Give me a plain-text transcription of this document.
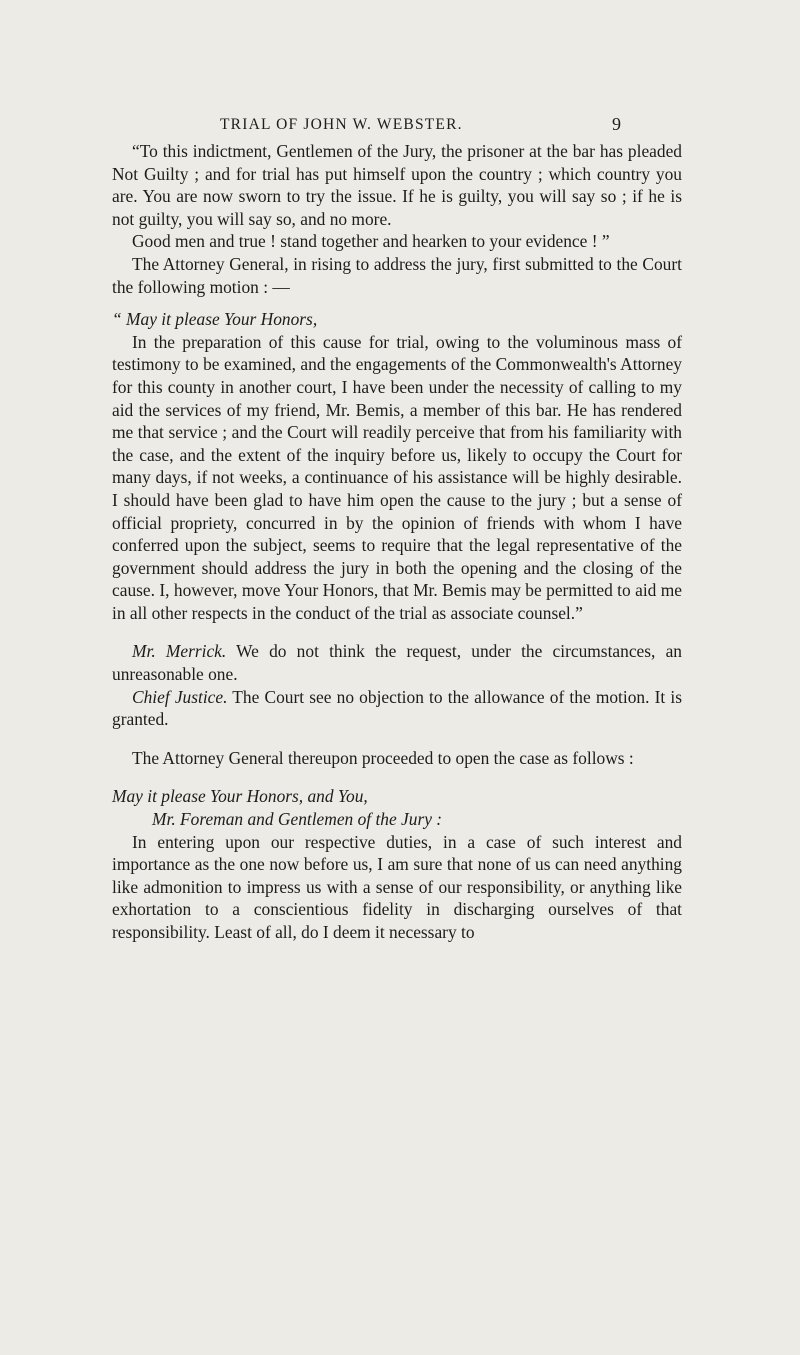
TRIAL OF JOHN W. WEBSTER.	9

“To this indictment, Gentlemen of the Jury, the prisoner at the bar has pleaded Not Guilty ; and for trial has put himself upon the country ; which country you are. You are now sworn to try the issue. If he is guilty, you will say so ; if he is not guilty, you will say so, and no more.

Good men and true ! stand together and hearken to your evidence ! ”

The Attorney General, in rising to address the jury, first submitted to the Court the following motion : —

“ May it please Your Honors,

In the preparation of this cause for trial, owing to the voluminous mass of testimony to be examined, and the engagements of the Commonwealth's Attorney for this county in another court, I have been under the necessity of calling to my aid the services of my friend, Mr. Bemis, a member of this bar. He has rendered me that service ; and the Court will readily perceive that from his familiarity with the case, and the extent of the inquiry before us, likely to occupy the Court for many days, if not weeks, a continuance of his assistance will be highly desirable. I should have been glad to have him open the cause to the jury ; but a sense of official propriety, concurred in by the opinion of friends with whom I have conferred upon the subject, seems to require that the legal representative of the government should address the jury in both the opening and the closing of the cause. I, however, move Your Honors, that Mr. Bemis may be permitted to aid me in all other respects in the conduct of the trial as associate counsel.”

Mr. Merrick. We do not think the request, under the circumstances, an unreasonable one.

Chief Justice. The Court see no objection to the allowance of the motion. It is granted.

The Attorney General thereupon proceeded to open the case as follows :

May it please Your Honors, and You,

Mr. Foreman and Gentlemen of the Jury :

In entering upon our respective duties, in a case of such interest and importance as the one now before us, I am sure that none of us can need anything like admonition to impress us with a sense of our responsibility, or anything like exhortation to a conscientious fidelity in discharging ourselves of that responsibility. Least of all, do I deem it necessary to
